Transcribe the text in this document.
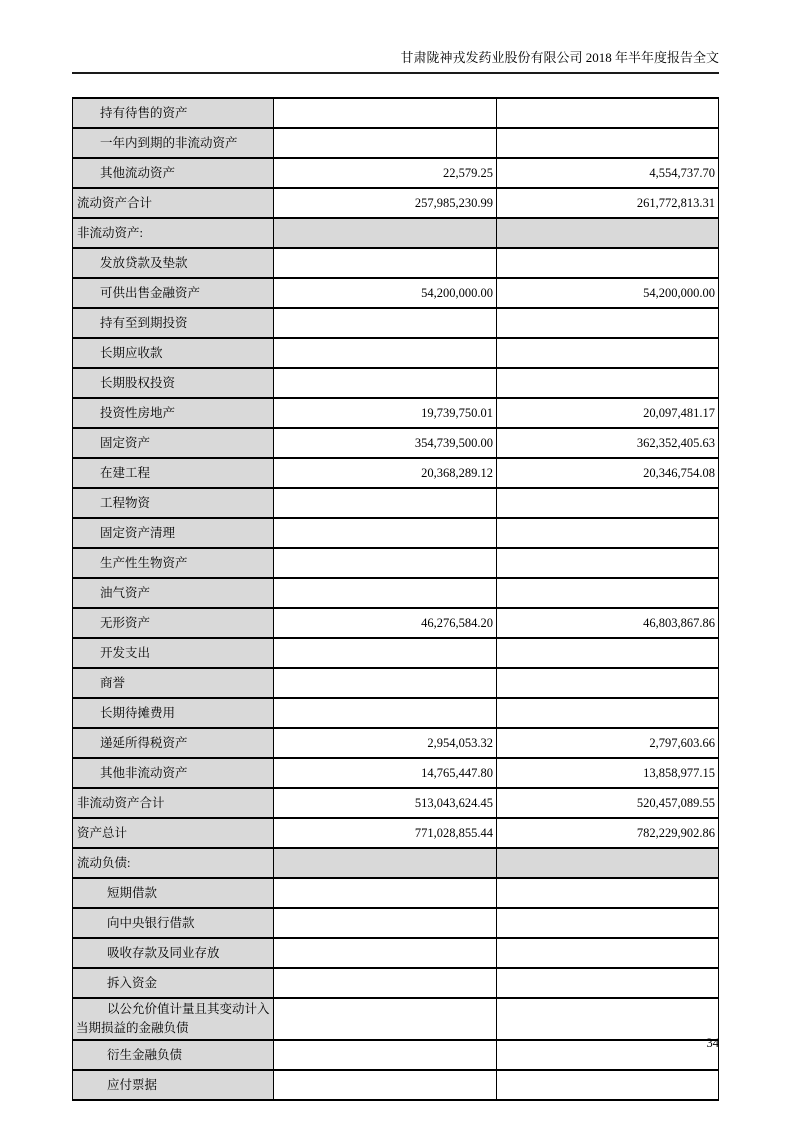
甘肃陇神戎发药业股份有限公司 2018 年半年度报告全文
持有待售的资产		
一年内到期的非流动资产		
其他流动资产	22,579.25	4,554,737.70
流动资产合计	257,985,230.99	261,772,813.31
非流动资产:		
发放贷款及垫款		
可供出售金融资产	54,200,000.00	54,200,000.00
持有至到期投资		
长期应收款		
长期股权投资		
投资性房地产	19,739,750.01	20,097,481.17
固定资产	354,739,500.00	362,352,405.63
在建工程	20,368,289.12	20,346,754.08
工程物资		
固定资产清理		
生产性生物资产		
油气资产		
无形资产	46,276,584.20	46,803,867.86
开发支出		
商誉		
长期待摊费用		
递延所得税资产	2,954,053.32	2,797,603.66
其他非流动资产	14,765,447.80	13,858,977.15
非流动资产合计	513,043,624.45	520,457,089.55
资产总计	771,028,855.44	782,229,902.86
流动负债:		
短期借款		
向中央银行借款		
吸收存款及同业存放		
拆入资金		
以公允价值计量且其变动计入当期损益的金融负债		
衍生金融负债		
应付票据		
34
